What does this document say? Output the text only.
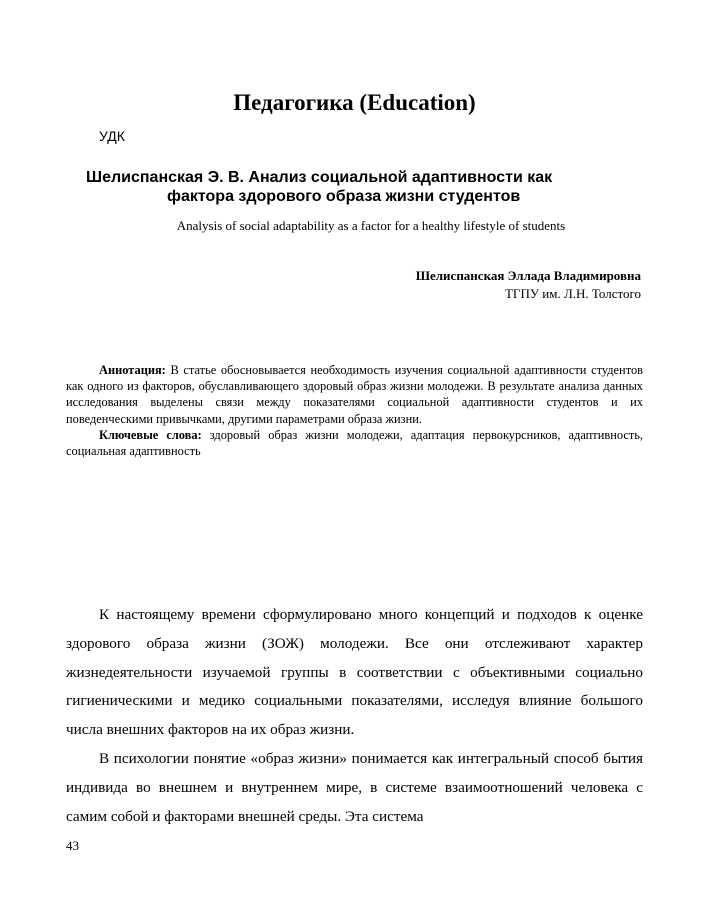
Педагогика (Education)
УДК
Шелиспанская Э. В. Анализ социальной адаптивности как
фактора здорового образа жизни студентов
Analysis of social adaptability as a factor for a healthy lifestyle of students
Шелиспанская Эллада Владимировна
ТГПУ им. Л.Н. Толстого

Аннотация: В статье обосновывается необходимость изучения социальной адаптивности студентов как одного из факторов, обуславливающего здоровый образ жизни молодежи. В результате анализа данных исследования выделены связи между показателями социальной адаптивности студентов и их поведенческими привычками, другими параметрами образа жизни.

Ключевые слова: здоровый образ жизни молодежи, адаптация первокурсников, адаптивность, социальная адаптивность

К настоящему времени сформулировано много концепций и подходов к оценке здорового образа жизни (ЗОЖ) молодежи. Все они отслеживают характер жизнедеятельности изучаемой группы в соответствии с объективными социально гигиеническими и медико социальными показателями, исследуя влияние большого числа внешних факторов на их образ жизни.

В психологии понятие «образ жизни» понимается как интегральный способ бытия индивида во внешнем и внутреннем мире, в системе взаимоотношений человека с самим собой и факторами внешней среды. Эта система

43
